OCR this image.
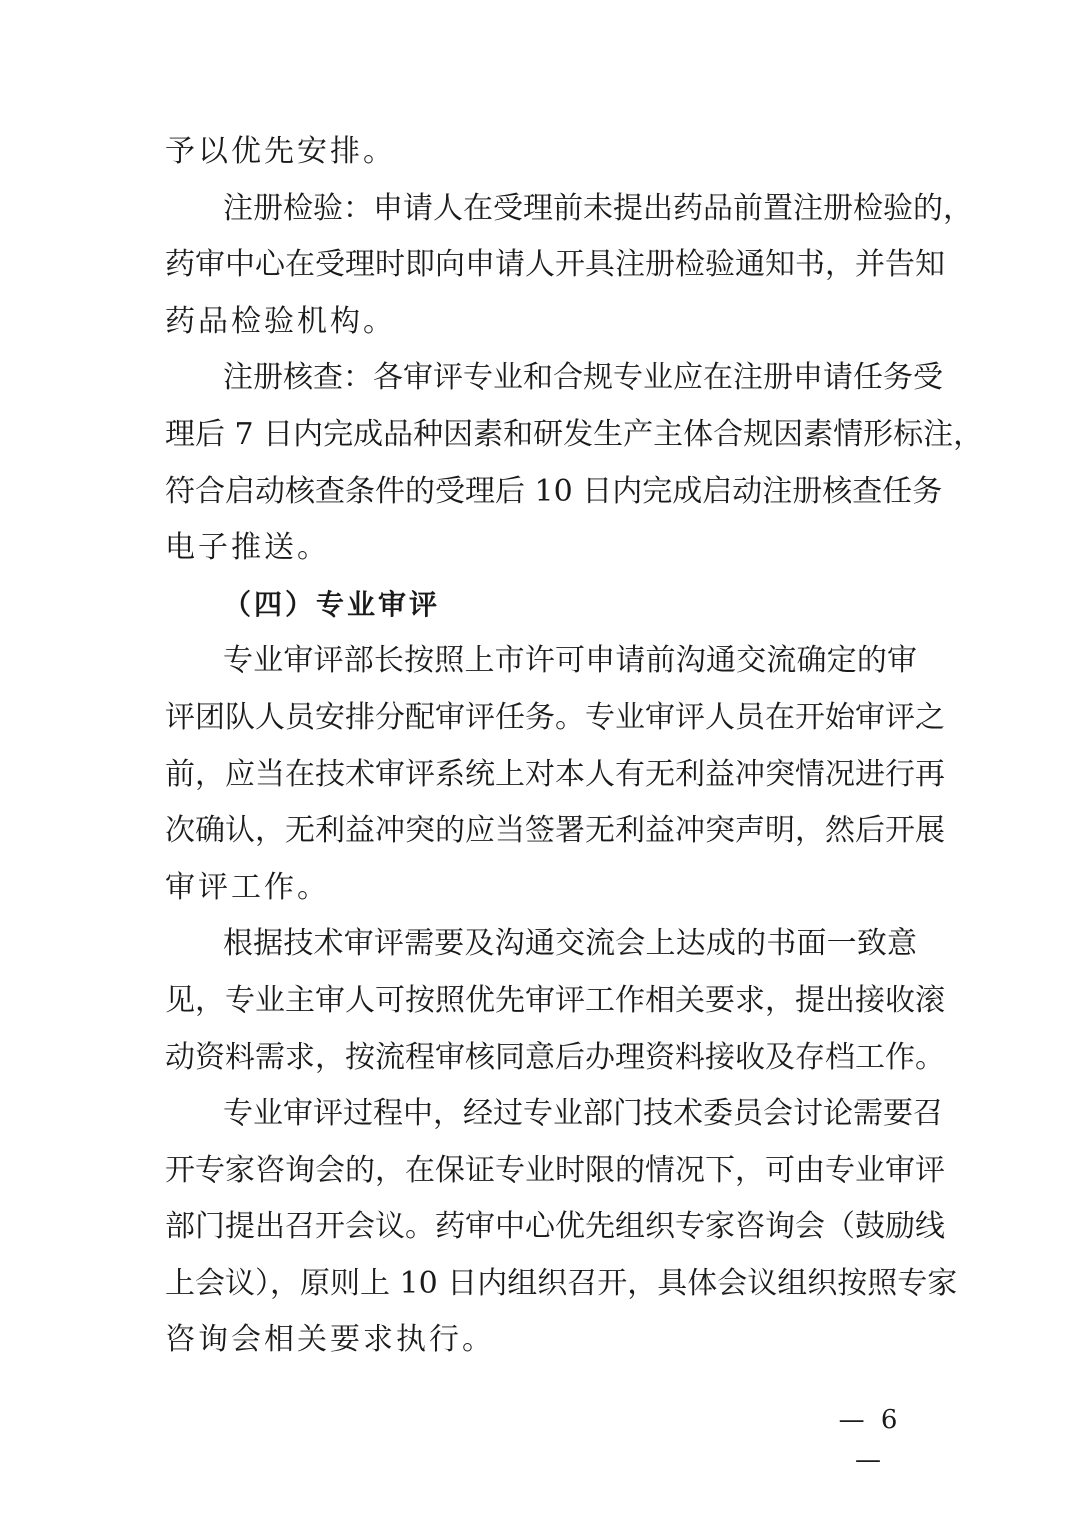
予以优先安排。
注册检验：申请人在受理前未提出药品前置注册检验的，
药审中心在受理时即向申请人开具注册检验通知书，并告知
药品检验机构。
注册核查：各审评专业和合规专业应在注册申请任务受
理后 7 日内完成品种因素和研发生产主体合规因素情形标注，
符合启动核查条件的受理后 10 日内完成启动注册核查任务
电子推送。
（四）专业审评
专业审评部长按照上市许可申请前沟通交流确定的审
评团队人员安排分配审评任务。专业审评人员在开始审评之
前，应当在技术审评系统上对本人有无利益冲突情况进行再
次确认，无利益冲突的应当签署无利益冲突声明，然后开展
审评工作。
根据技术审评需要及沟通交流会上达成的书面一致意
见，专业主审人可按照优先审评工作相关要求，提出接收滚
动资料需求，按流程审核同意后办理资料接收及存档工作。
专业审评过程中，经过专业部门技术委员会讨论需要召
开专家咨询会的，在保证专业时限的情况下，可由专业审评
部门提出召开会议。药审中心优先组织专家咨询会（鼓励线
上会议），原则上 10 日内组织召开，具体会议组织按照专家
咨询会相关要求执行。
— 6 —
